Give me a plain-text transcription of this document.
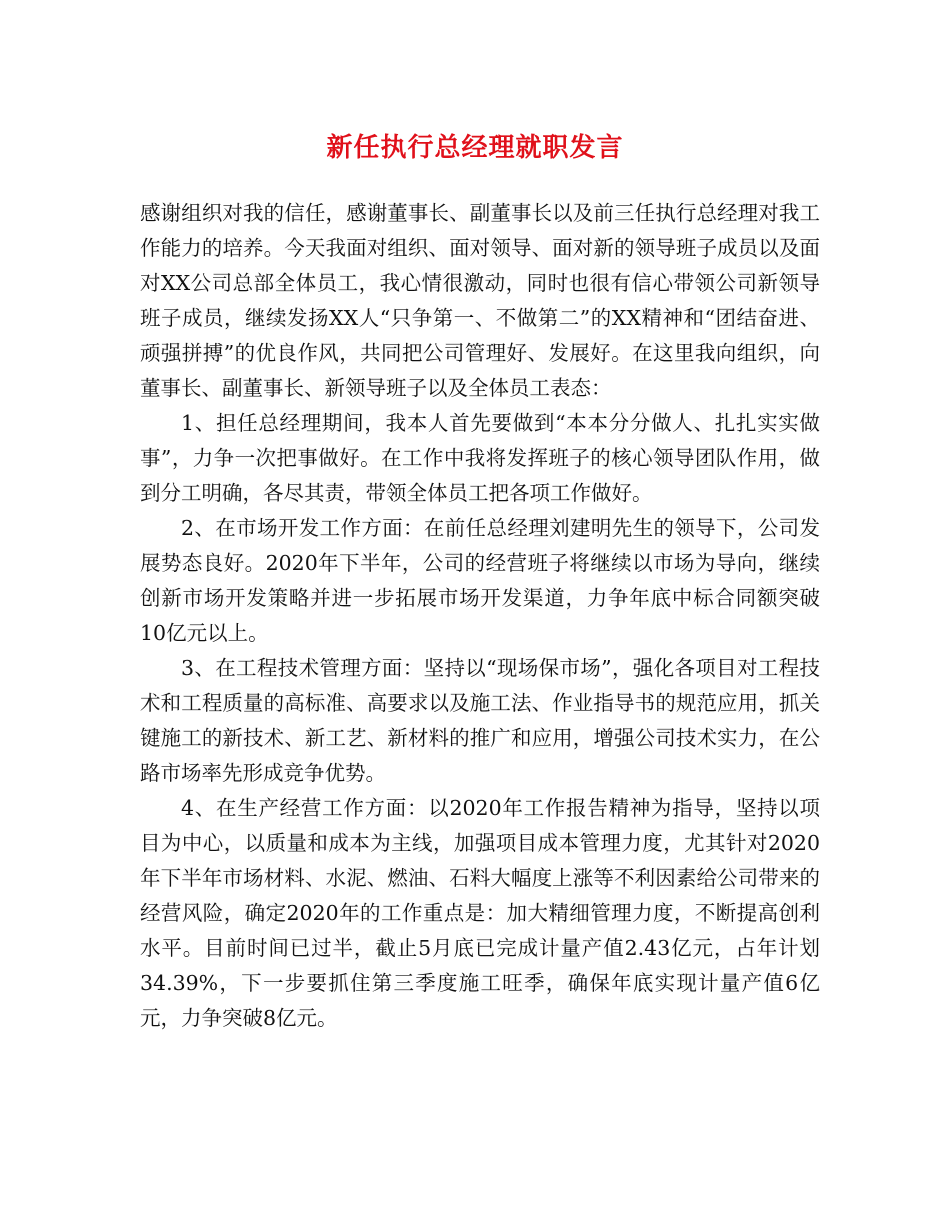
新任执行总经理就职发言

感谢组织对我的信任，感谢董事长、副董事长以及前三任执行总经理对我工作能力的培养。今天我面对组织、面对领导、面对新的领导班子成员以及面对XX公司总部全体员工，我心情很激动，同时也很有信心带领公司新领导班子成员，继续发扬XX人“只争第一、不做第二”的XX精神和“团结奋进、顽强拼搏”的优良作风，共同把公司管理好、发展好。在这里我向组织，向董事长、副董事长、新领导班子以及全体员工表态：

1、担任总经理期间，我本人首先要做到“本本分分做人、扎扎实实做事”，力争一次把事做好。在工作中我将发挥班子的核心领导团队作用，做到分工明确，各尽其责，带领全体员工把各项工作做好。

2、在市场开发工作方面：在前任总经理刘建明先生的领导下，公司发展势态良好。2020年下半年，公司的经营班子将继续以市场为导向，继续创新市场开发策略并进一步拓展市场开发渠道，力争年底中标合同额突破10亿元以上。

3、在工程技术管理方面：坚持以“现场保市场”，强化各项目对工程技术和工程质量的高标准、高要求以及施工法、作业指导书的规范应用，抓关键施工的新技术、新工艺、新材料的推广和应用，增强公司技术实力，在公路市场率先形成竞争优势。

4、在生产经营工作方面：以2020年工作报告精神为指导，坚持以项目为中心，以质量和成本为主线，加强项目成本管理力度，尤其针对2020年下半年市场材料、水泥、燃油、石料大幅度上涨等不利因素给公司带来的经营风险，确定2020年的工作重点是：加大精细管理力度，不断提高创利水平。目前时间已过半，截止5月底已完成计量产值2.43亿元，占年计划34.39%，下一步要抓住第三季度施工旺季，确保年底实现计量产值6亿元，力争突破8亿元。
